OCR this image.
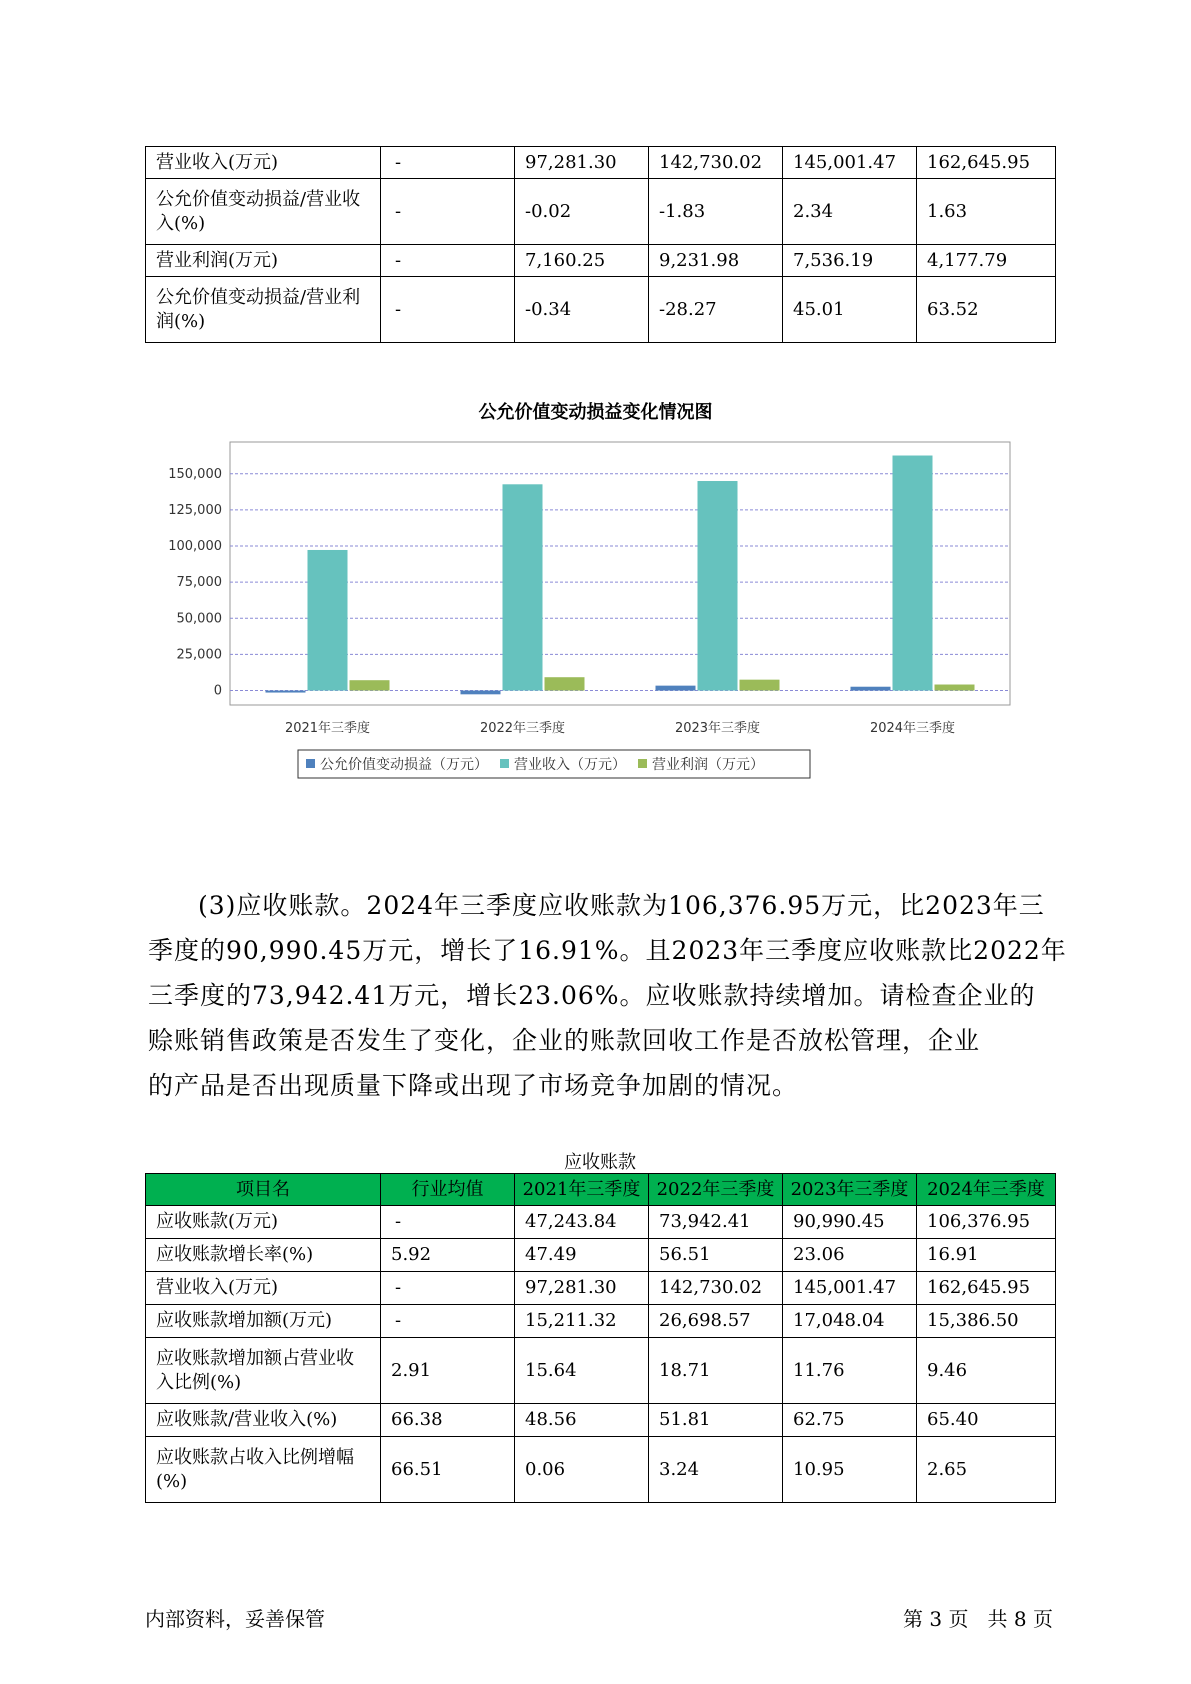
营业收入(万元)	-	97,281.30	142,730.02	145,001.47	162,645.95
公允价值变动损益/营业收入(%)	-	-0.02	-1.83	2.34	1.63
营业利润(万元)	-	7,160.25	9,231.98	7,536.19	4,177.79
公允价值变动损益/营业利润(%)	-	-0.34	-28.27	45.01	63.52
公允价值变动损益变化情况图
0
25,000
50,000
75,000
100,000
125,000
150,000
2021年三季度	2022年三季度	2023年三季度	2024年三季度
公允价值变动损益（万元） 营业收入（万元） 营业利润（万元）
(3)应收账款。2024年三季度应收账款为106,376.95万元，比2023年三
季度的90,990.45万元，增长了16.91%。且2023年三季度应收账款比2022年
三季度的73,942.41万元，增长23.06%。应收账款持续增加。请检查企业的
赊账销售政策是否发生了变化，企业的账款回收工作是否放松管理，企业
的产品是否出现质量下降或出现了市场竞争加剧的情况。
应收账款
项目名	行业均值	2021年三季度	2022年三季度	2023年三季度	2024年三季度
应收账款(万元)	-	47,243.84	73,942.41	90,990.45	106,376.95
应收账款增长率(%)	5.92	47.49	56.51	23.06	16.91
营业收入(万元)	-	97,281.30	142,730.02	145,001.47	162,645.95
应收账款增加额(万元)	-	15,211.32	26,698.57	17,048.04	15,386.50
应收账款增加额占营业收入比例(%)	2.91	15.64	18.71	11.76	9.46
应收账款/营业收入(%)	66.38	48.56	51.81	62.75	65.40
应收账款占收入比例增幅(%)	66.51	0.06	3.24	10.95	2.65
内部资料，妥善保管	第 3 页   共 8 页
